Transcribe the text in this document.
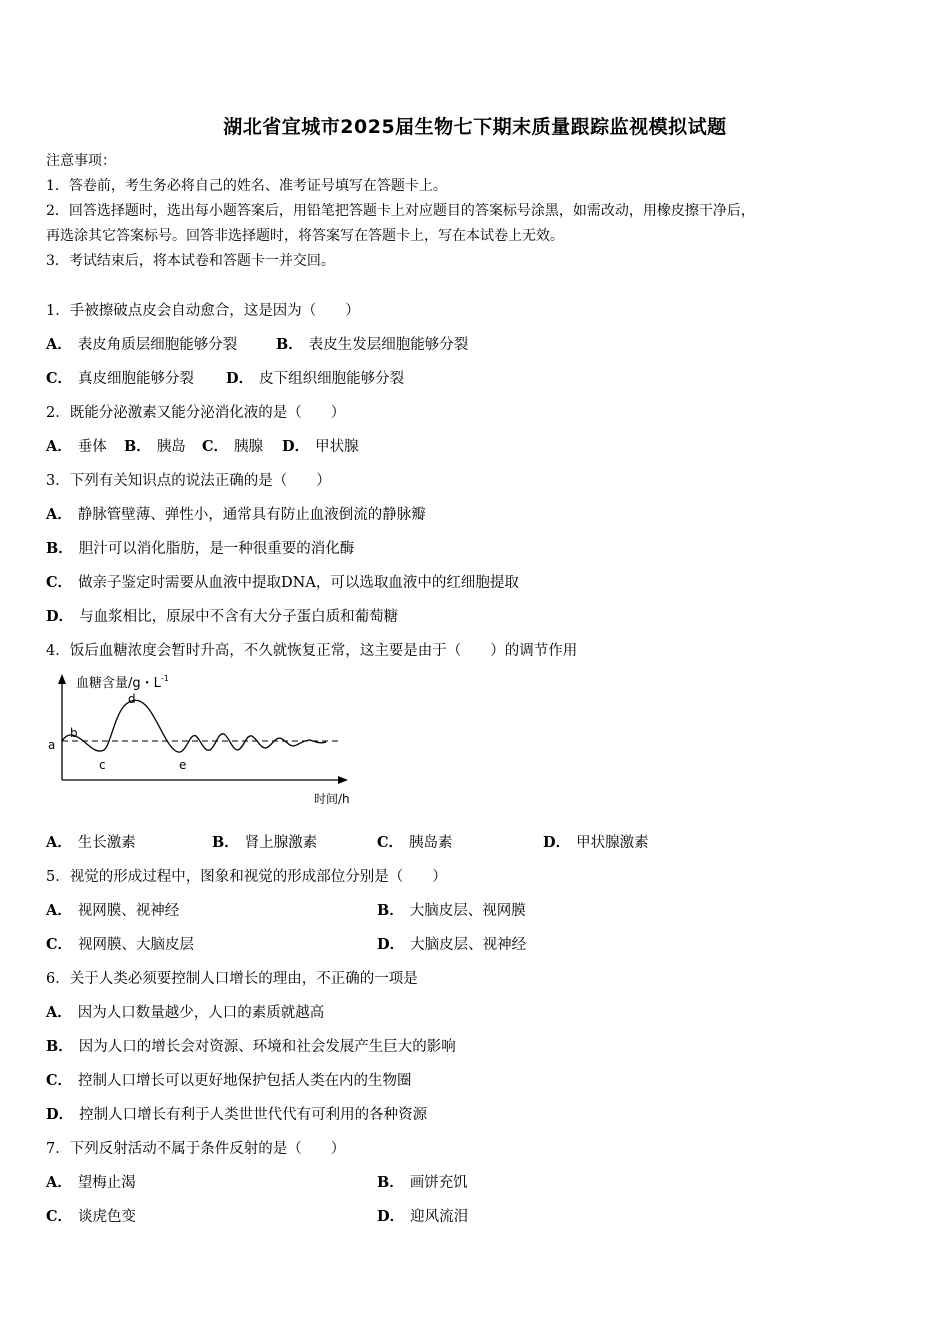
湖北省宜城市2025届生物七下期末质量跟踪监视模拟试题
注意事项：
1．答卷前，考生务必将自己的姓名、准考证号填写在答题卡上。
2．回答选择题时，选出每小题答案后，用铅笔把答题卡上对应题目的答案标号涂黑，如需改动，用橡皮擦干净后，
再选涂其它答案标号。回答非选择题时，将答案写在答题卡上，写在本试卷上无效。
3．考试结束后，将本试卷和答题卡一并交回。
1．手被擦破点皮会自动愈合，这是因为（　　）
A． 表皮角质层细胞能够分裂	B． 表皮生发层细胞能够分裂
C． 真皮细胞能够分裂 D． 皮下组织细胞能够分裂
2．既能分泌激素又能分泌消化液的是（　　）
A． 垂体 B． 胰岛 C． 胰腺 D． 甲状腺
3．下列有关知识点的说法正确的是（　　）
A． 静脉管壁薄、弹性小，通常具有防止血液倒流的静脉瓣
B． 胆汁可以消化脂肪，是一种很重要的消化酶
C． 做亲子鉴定时需要从血液中提取DNA，可以选取血液中的红细胞提取
D． 与血浆相比，原尿中不含有大分子蛋白质和葡萄糖
4．饭后血糖浓度会暂时升高，不久就恢复正常，这主要是由于（　　）的调节作用
血糖含量/g・$L^{-1}$
a
b
c
d
e
时间/h
A． 生长激素	B． 肾上腺激素	C． 胰岛素	D． 甲状腺激素
5．视觉的形成过程中，图象和视觉的形成部位分别是（　　）
A． 视网膜、视神经	B． 大脑皮层、视网膜
C． 视网膜、大脑皮层	D． 大脑皮层、视神经
6．关于人类必须要控制人口增长的理由，不正确的一项是
A． 因为人口数量越少，人口的素质就越高
B． 因为人口的增长会对资源、环境和社会发展产生巨大的影响
C． 控制人口增长可以更好地保护包括人类在内的生物圈
D． 控制人口增长有利于人类世世代代有可利用的各种资源
7．下列反射活动不属于条件反射的是（　　）
A． 望梅止渴	B． 画饼充饥
C． 谈虎色变	D． 迎风流泪
